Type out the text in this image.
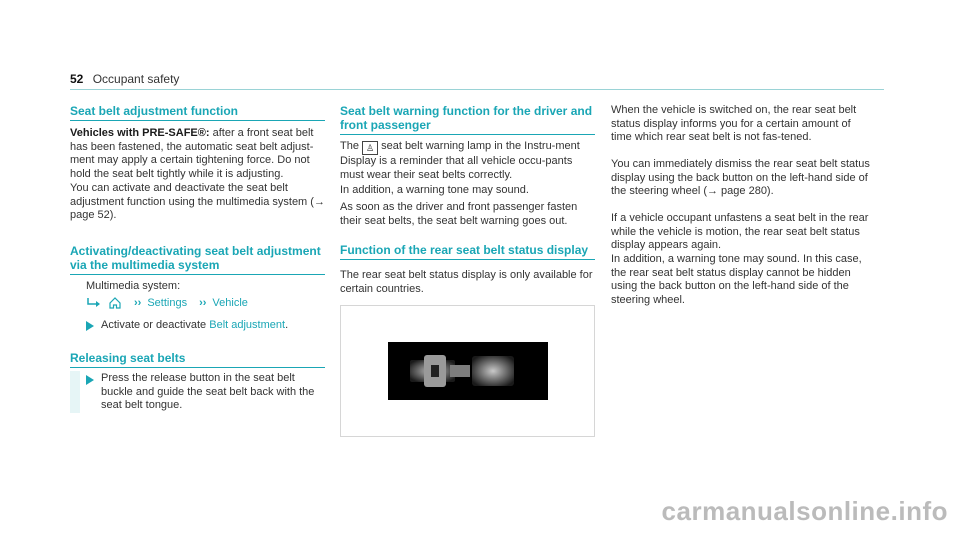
52 Occupant safety
Seat belt adjustment function

Vehicles with PRE-SAFE®: after a front seat belt has been fastened, the automatic seat belt adjust-ment may apply a certain tightening force. Do not hold the seat belt tightly while it is adjusting.

You can activate and deactivate the seat belt adjustment function using the multimedia system (→ page 52).

Activating/deactivating seat belt adjustment via the multimedia system
Multimedia system:
›› Settings ›› Vehicle
Activate or deactivate Belt adjustment.
Releasing seat belts

Press the release button in the seat belt buckle and guide the seat belt back with the seat belt tongue.

Seat belt warning function for the driver and front passenger

The ♙ seat belt warning lamp in the Instru-ment Display is a reminder that all vehicle occu-pants must wear their seat belts correctly.

In addition, a warning tone may sound.

As soon as the driver and front passenger fasten their seat belts, the seat belt warning goes out.

Function of the rear seat belt status display

The rear seat belt status display is only available for certain countries.

When the vehicle is switched on, the rear seat belt status display informs you for a certain amount of time which rear seat belt is not fas-tened.

You can immediately dismiss the rear seat belt status display using the back button on the left-hand side of the steering wheel (→ page 280).

If a vehicle occupant unfastens a seat belt in the rear while the vehicle is motion, the rear seat belt status display appears again.

In addition, a warning tone may sound. In this case, the rear seat belt status display cannot be hidden using the back button on the left-hand side of the steering wheel.

carmanualsonline.info
